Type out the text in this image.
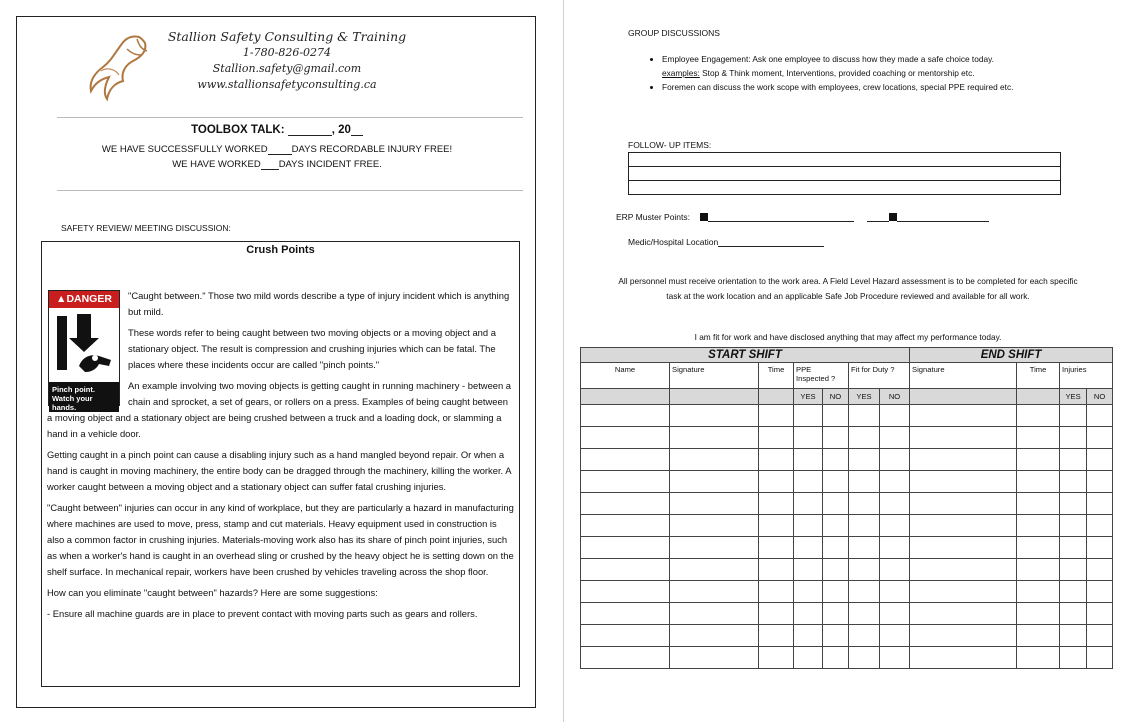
Stallion Safety Consulting & Training
1-780-826-0274
Stallion.safety@gmail.com
www.stallionsafetyconsulting.ca
TOOLBOX TALK:	, 20
WE HAVE SUCCESSFULLY WORKED	DAYS RECORDABLE INJURY FREE!
WE HAVE WORKED DAYS INCIDENT FREE.
SAFETY REVIEW/ MEETING DISCUSSION:
Crush Points
▲DANGER
Pinch point. Watch your hands.

"Caught between." Those two mild words describe a type of injury incident which is anything but mild.

These words refer to being caught between two moving objects or a moving object and a stationary object. The result is compression and crushing injuries which can be fatal. The places where these incidents occur are called "pinch points."

An example involving two moving objects is getting caught in running machinery - between a chain and sprocket, a set of gears, or rollers on a press. Examples of being caught between a moving object and a stationary object are being crushed between a truck and a loading dock, or slamming a hand in a vehicle door.

Getting caught in a pinch point can cause a disabling injury such as a hand mangled beyond repair. Or when a hand is caught in moving machinery, the entire body can be dragged through the machinery, killing the worker. A worker caught between a moving object and a stationary object can suffer fatal crushing injuries.

"Caught between" injuries can occur in any kind of workplace, but they are particularly a hazard in manufacturing where machines are used to move, press, stamp and cut materials. Heavy equipment used in construction is also a common factor in crushing injuries. Materials-moving work also has its share of pinch point injuries, such as when a worker's hand is caught in an overhead sling or crushed by the heavy object he is setting down on the shelf surface. In mechanical repair, workers have been crushed by vehicles traveling across the shop floor.

How can you eliminate "caught between" hazards? Here are some suggestions:

- Ensure all machine guards are in place to prevent contact with moving parts such as gears and rollers.

GROUP DISCUSSIONS
• Employee Engagement: Ask one employee to discuss how they made a safe choice today.
examples: Stop & Think moment, Interventions, provided coaching or mentorship etc.
• Foremen can discuss the work scope with employees, crew locations, special PPE required etc.
FOLLOW- UP ITEMS:

ERP Muster Points:
Medic/Hospital Location
All personnel must receive orientation to the work area. A Field Level Hazard assessment is to be completed for each specific task at the work location and an applicable Safe Job Procedure reviewed and available for all work.
I am fit for work and have disclosed anything that may affect my performance today.
START SHIFT							END SHIFT			
Name	Signature	Time	PPE Inspected ?		Fit for Duty ?		Signature	Time	Injuries	
			YES	NO	YES	NO			YES	NO
